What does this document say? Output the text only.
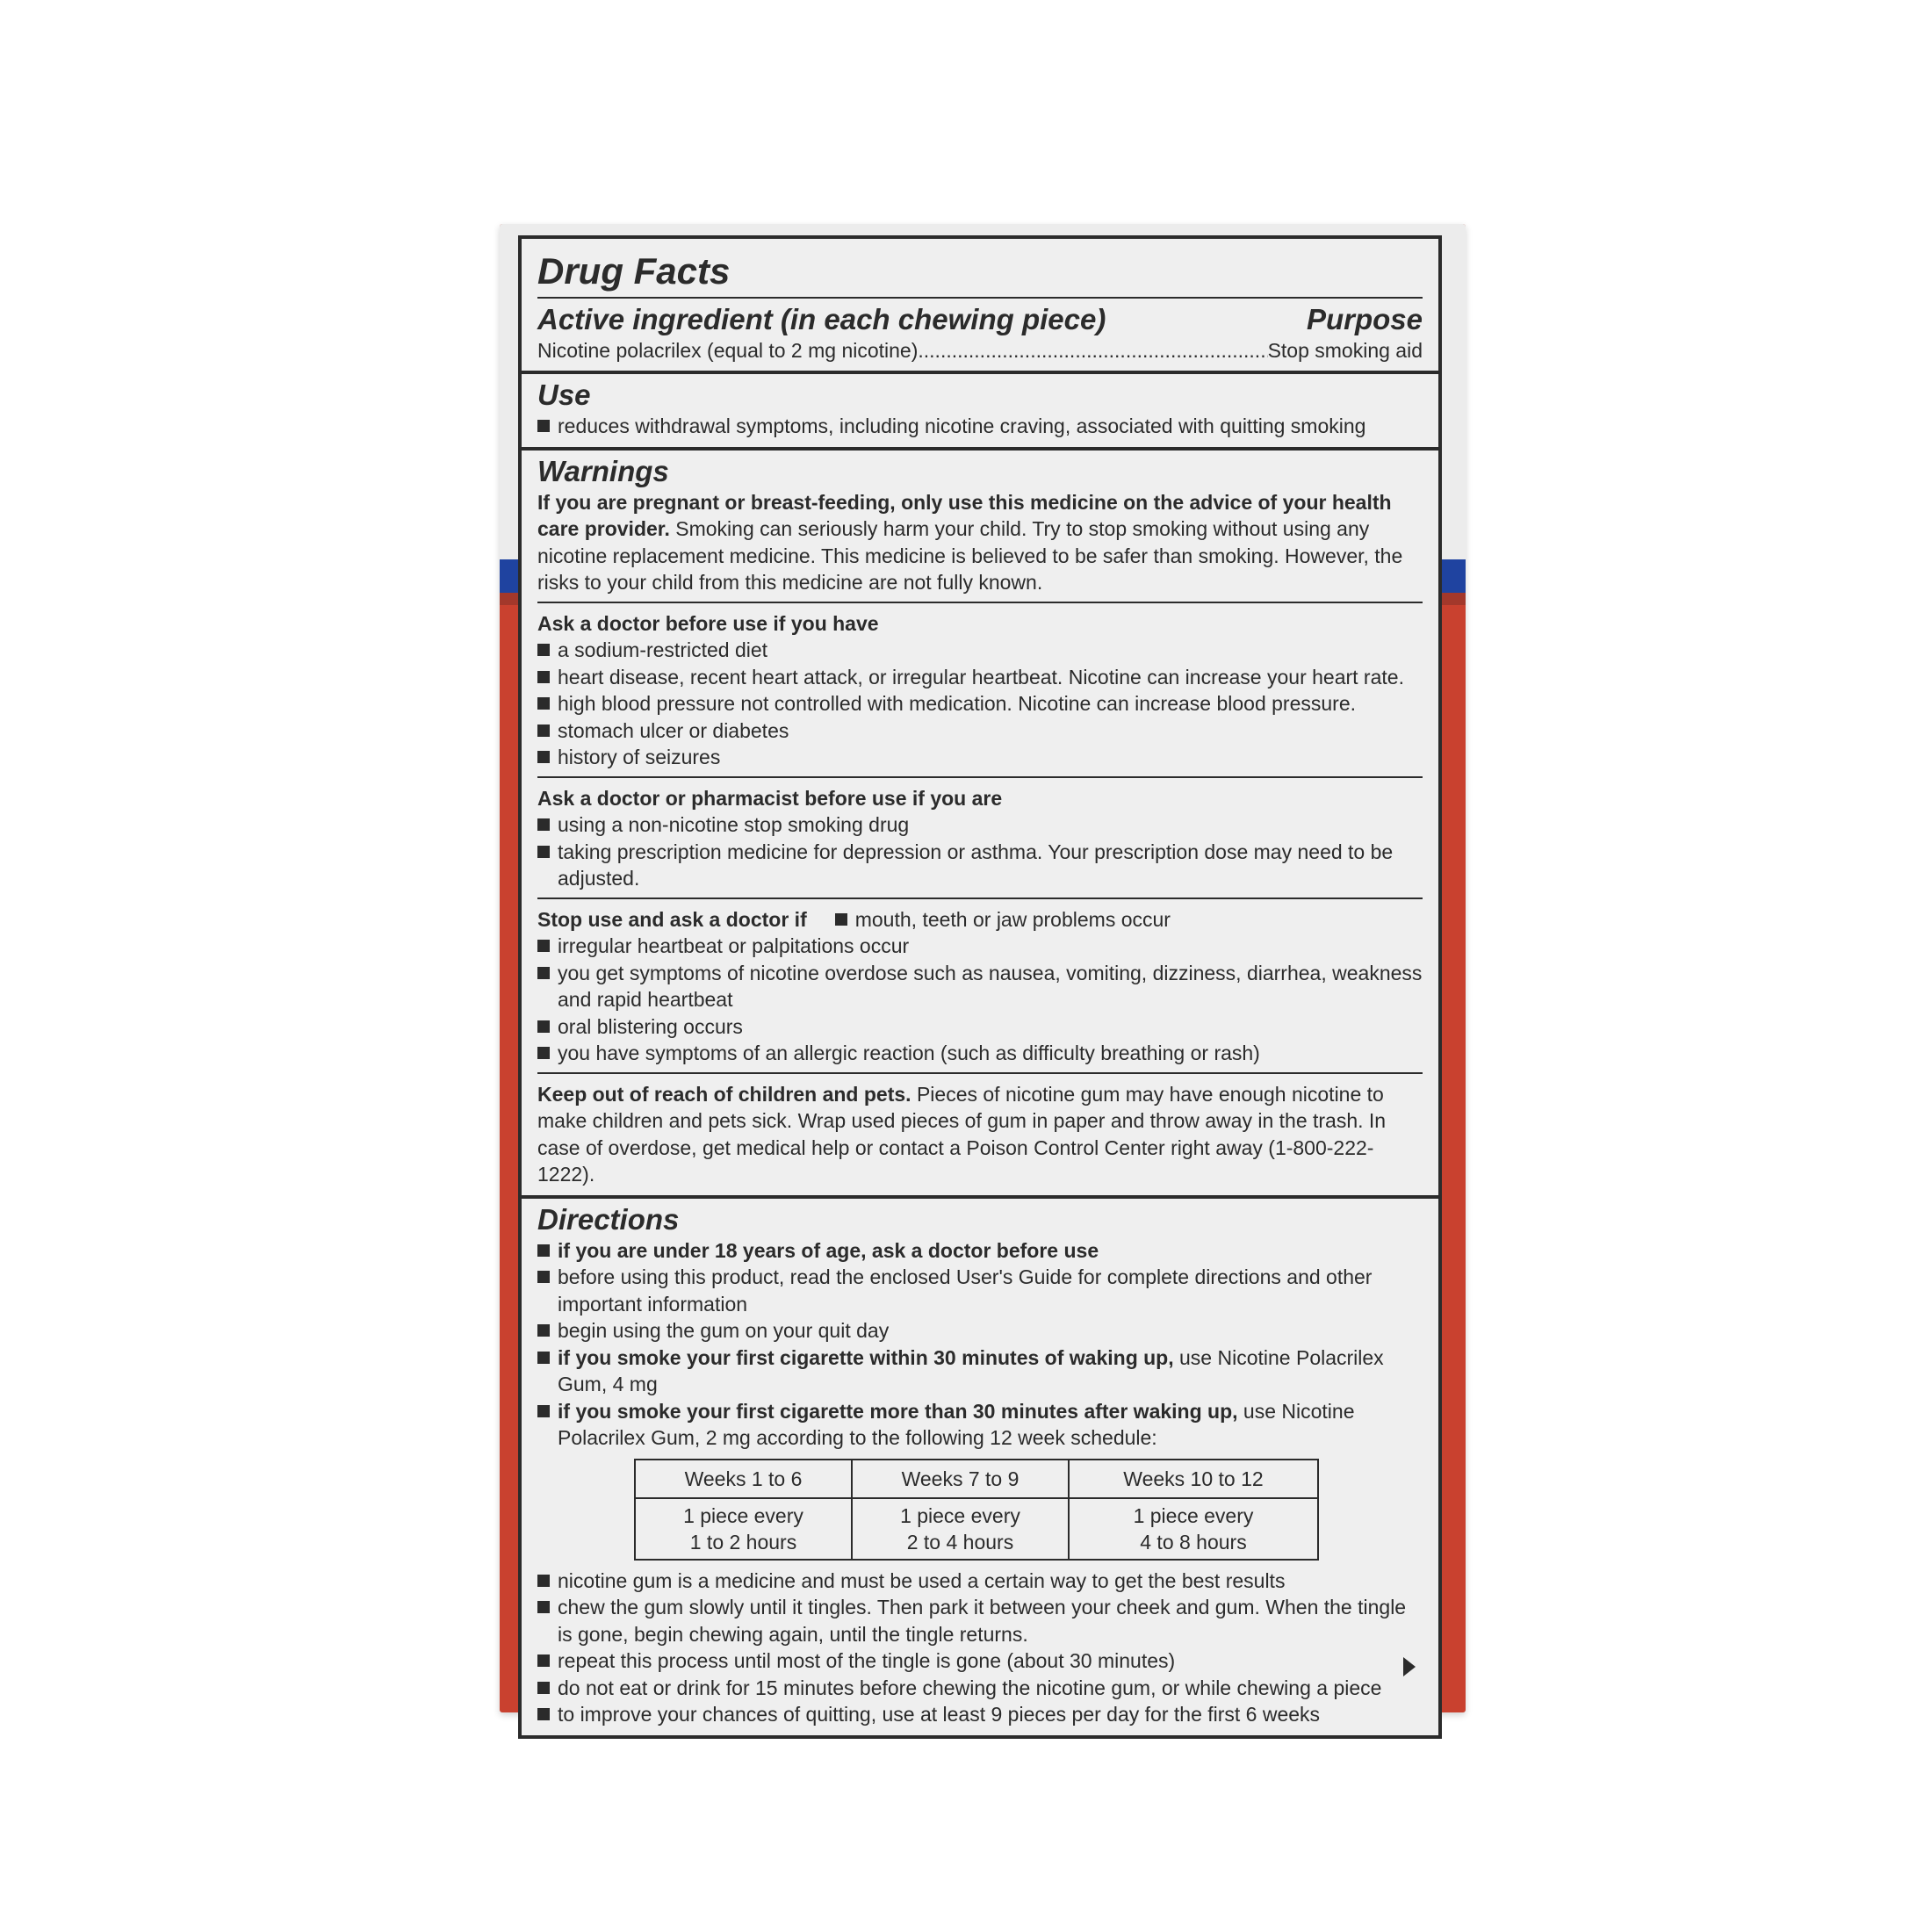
Drug Facts
Active ingredient (in each chewing piece)	Purpose
Nicotine polacrilex (equal to 2 mg nicotine) .....	Stop smoking aid
Use
reduces withdrawal symptoms, including nicotine craving, associated with quitting smoking
Warnings
If you are pregnant or breast-feeding, only use this medicine on the advice of your health care provider. Smoking can seriously harm your child. Try to stop smoking without using any nicotine replacement medicine. This medicine is believed to be safer than smoking. However, the risks to your child from this medicine are not fully known.
Ask a doctor before use if you have
a sodium-restricted diet
heart disease, recent heart attack, or irregular heartbeat. Nicotine can increase your heart rate.
high blood pressure not controlled with medication. Nicotine can increase blood pressure.
stomach ulcer or diabetes
history of seizures
Ask a doctor or pharmacist before use if you are
using a non-nicotine stop smoking drug
taking prescription medicine for depression or asthma. Your prescription dose may need to be adjusted.
Stop use and ask a doctor if mouth, teeth or jaw problems occur
irregular heartbeat or palpitations occur
you get symptoms of nicotine overdose such as nausea, vomiting, dizziness, diarrhea, weakness and rapid heartbeat
oral blistering occurs
you have symptoms of an allergic reaction (such as difficulty breathing or rash)
Keep out of reach of children and pets. Pieces of nicotine gum may have enough nicotine to make children and pets sick. Wrap used pieces of gum in paper and throw away in the trash. In case of overdose, get medical help or contact a Poison Control Center right away (1-800-222-1222).
Directions
if you are under 18 years of age, ask a doctor before use
before using this product, read the enclosed User's Guide for complete directions and other important information
begin using the gum on your quit day
if you smoke your first cigarette within 30 minutes of waking up, use Nicotine Polacrilex Gum, 4 mg
if you smoke your first cigarette more than 30 minutes after waking up, use Nicotine Polacrilex Gum, 2 mg according to the following 12 week schedule:
Weeks 1 to 6	Weeks 7 to 9	Weeks 10 to 12

1 piece every
1 to 2 hours	1 piece every
2 to 4 hours	1 piece every
4 to 8 hours
nicotine gum is a medicine and must be used a certain way to get the best results
chew the gum slowly until it tingles. Then park it between your cheek and gum. When the tingle is gone, begin chewing again, until the tingle returns.
repeat this process until most of the tingle is gone (about 30 minutes)
do not eat or drink for 15 minutes before chewing the nicotine gum, or while chewing a piece
to improve your chances of quitting, use at least 9 pieces per day for the first 6 weeks
